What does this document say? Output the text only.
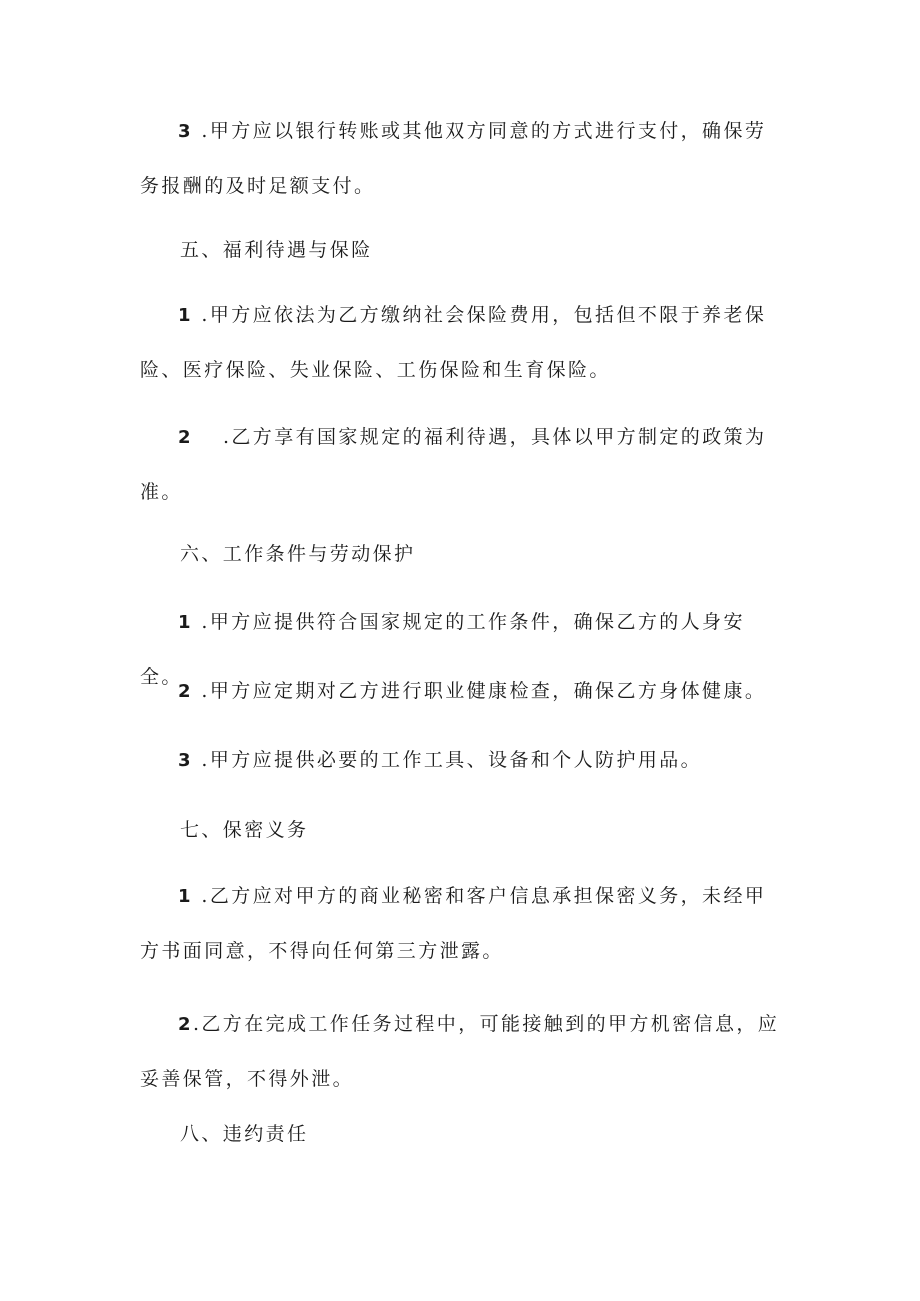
3 .甲方应以银行转账或其他双方同意的方式进行支付，确保劳务报酬的及时足额支付。

五、福利待遇与保险

1 .甲方应依法为乙方缴纳社会保险费用，包括但不限于养老保险、医疗保险、失业保险、工伤保险和生育保险。

2 .乙方享有国家规定的福利待遇，具体以甲方制定的政策为准。

六、工作条件与劳动保护

1 .甲方应提供符合国家规定的工作条件，确保乙方的人身安全。

2 .甲方应定期对乙方进行职业健康检查，确保乙方身体健康。

3 .甲方应提供必要的工作工具、设备和个人防护用品。

七、保密义务

1 .乙方应对甲方的商业秘密和客户信息承担保密义务，未经甲方书面同意，不得向任何第三方泄露。

2.乙方在完成工作任务过程中，可能接触到的甲方机密信息，应妥善保管，不得外泄。

八、违约责任
